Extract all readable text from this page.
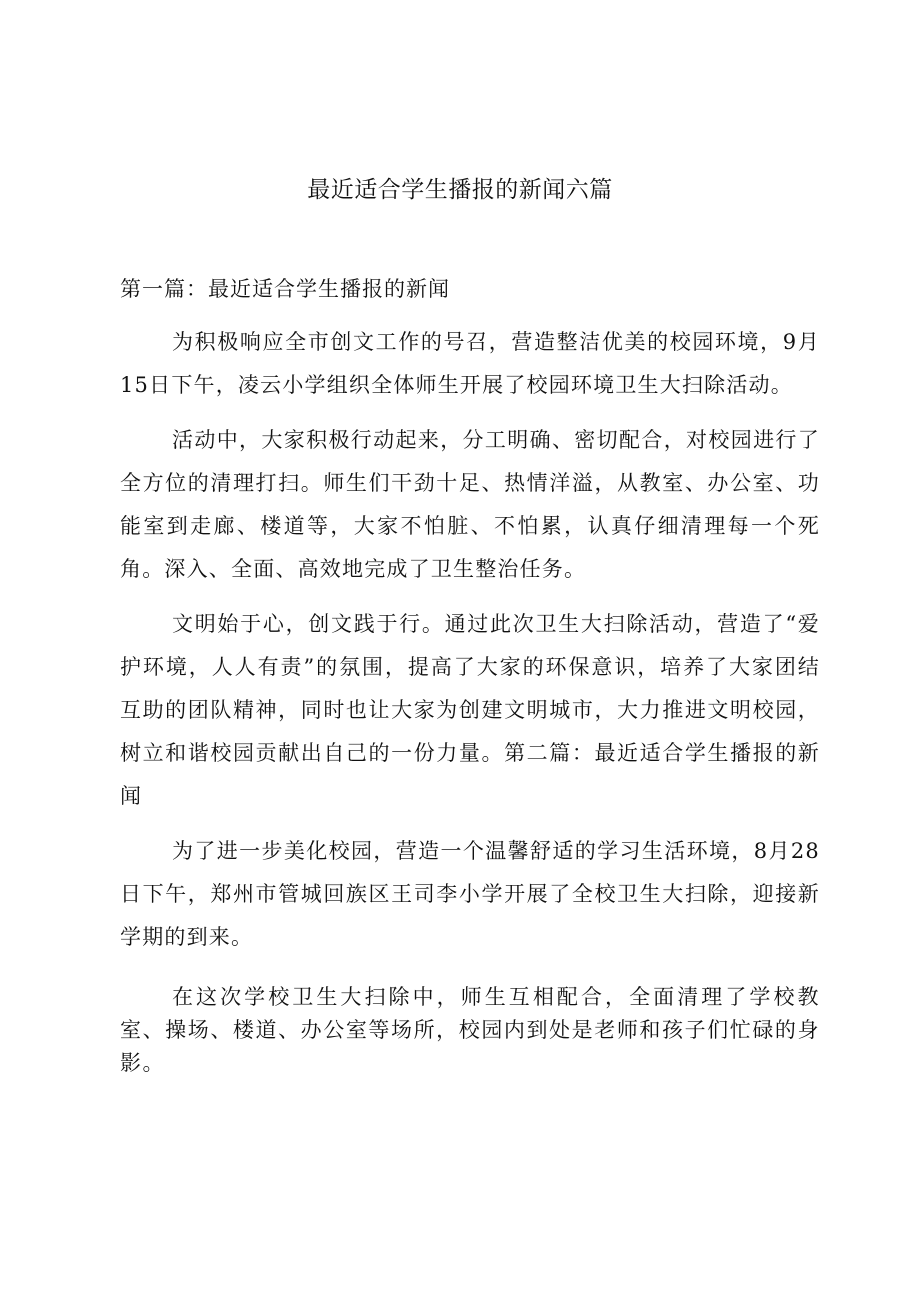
最近适合学生播报的新闻六篇

第一篇：最近适合学生播报的新闻

为积极响应全市创文工作的号召，营造整洁优美的校园环境，9月15日下午，凌云小学组织全体师生开展了校园环境卫生大扫除活动。

活动中，大家积极行动起来，分工明确、密切配合，对校园进行了全方位的清理打扫。师生们干劲十足、热情洋溢，从教室、办公室、功能室到走廊、楼道等，大家不怕脏、不怕累，认真仔细清理每一个死角。深入、全面、高效地完成了卫生整治任务。

文明始于心，创文践于行。通过此次卫生大扫除活动，营造了“爱护环境，人人有责”的氛围，提高了大家的环保意识，培养了大家团结互助的团队精神，同时也让大家为创建文明城市，大力推进文明校园，树立和谐校园贡献出自己的一份力量。第二篇：最近适合学生播报的新闻

为了进一步美化校园，营造一个温馨舒适的学习生活环境，8月28日下午，郑州市管城回族区王司李小学开展了全校卫生大扫除，迎接新学期的到来。

在这次学校卫生大扫除中，师生互相配合，全面清理了学校教室、操场、楼道、办公室等场所，校园内到处是老师和孩子们忙碌的身影。
